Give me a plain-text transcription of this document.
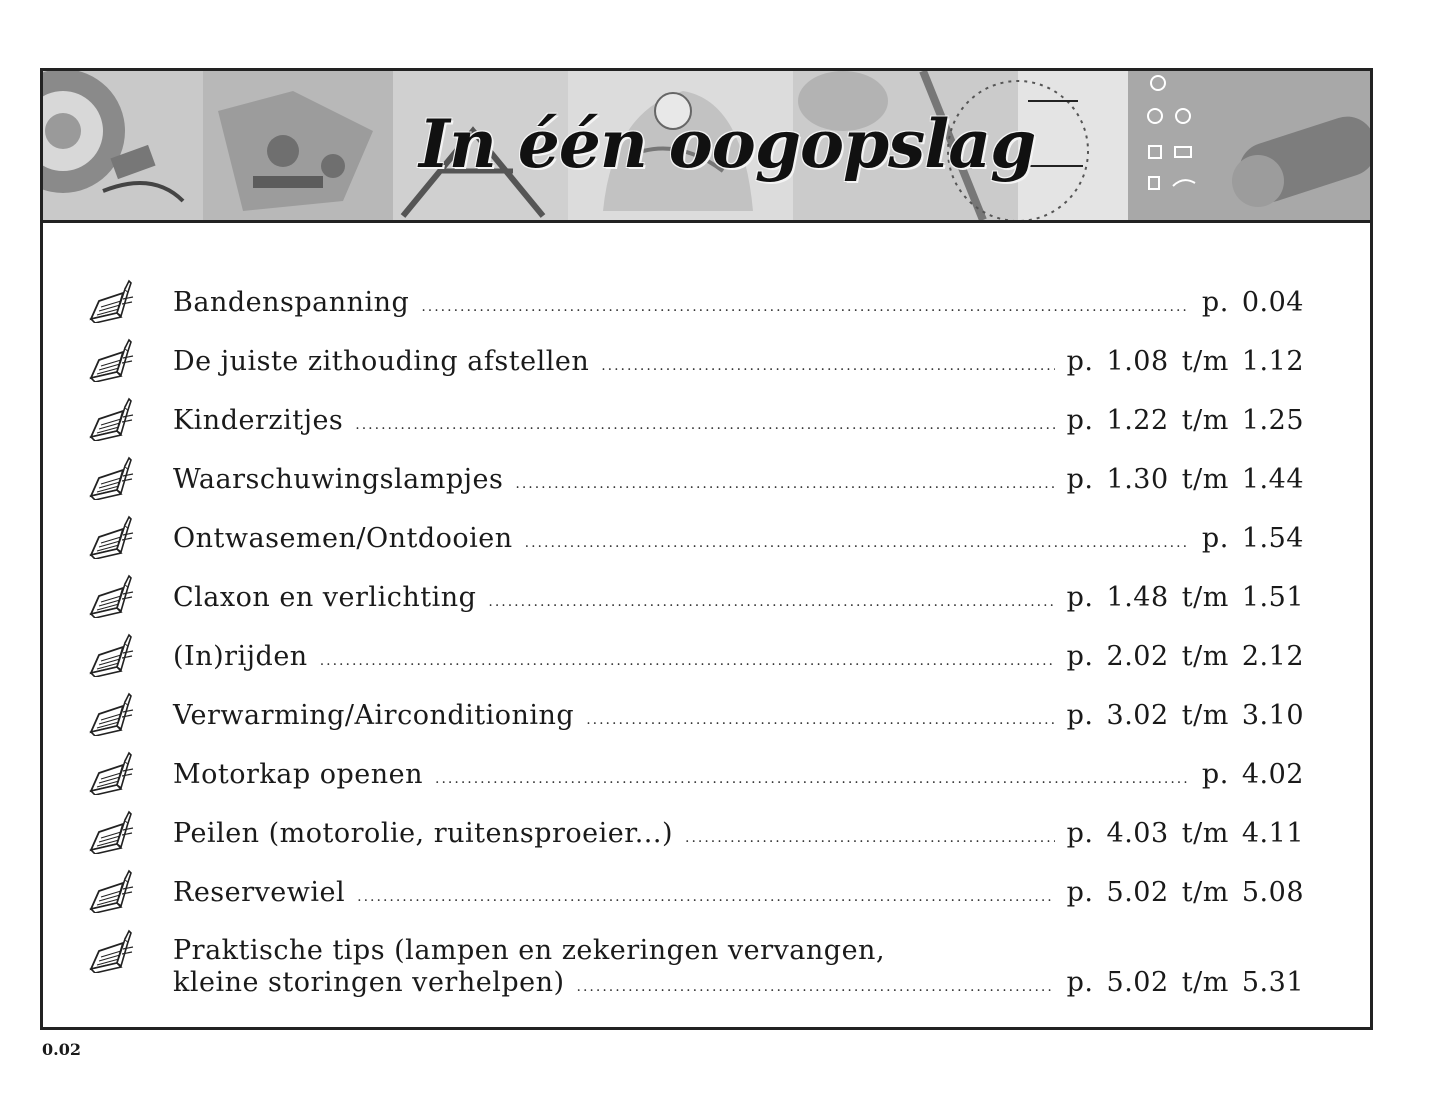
In één oogopslag
Bandenspanning .....	p. 0.04
De juiste zithouding afstellen .....	p. 1.08 t/m 1.12
Kinderzitjes .....	p. 1.22 t/m 1.25
Waarschuwingslampjes .....	p. 1.30 t/m 1.44
Ontwasemen/Ontdooien .....	p. 1.54
Claxon en verlichting .....	p. 1.48 t/m 1.51
(In)rijden .....	p. 2.02 t/m 2.12
Verwarming/Airconditioning .....	p. 3.02 t/m 3.10
Motorkap openen .....	p. 4.02
Peilen (motorolie, ruitensproeier...) .....	p. 4.03 t/m 4.11
Reservewiel .....	p. 5.02 t/m 5.08
Praktische tips (lampen en zekeringen vervangen,
kleine storingen verhelpen) .....	p. 5.02 t/m 5.31
0.02
